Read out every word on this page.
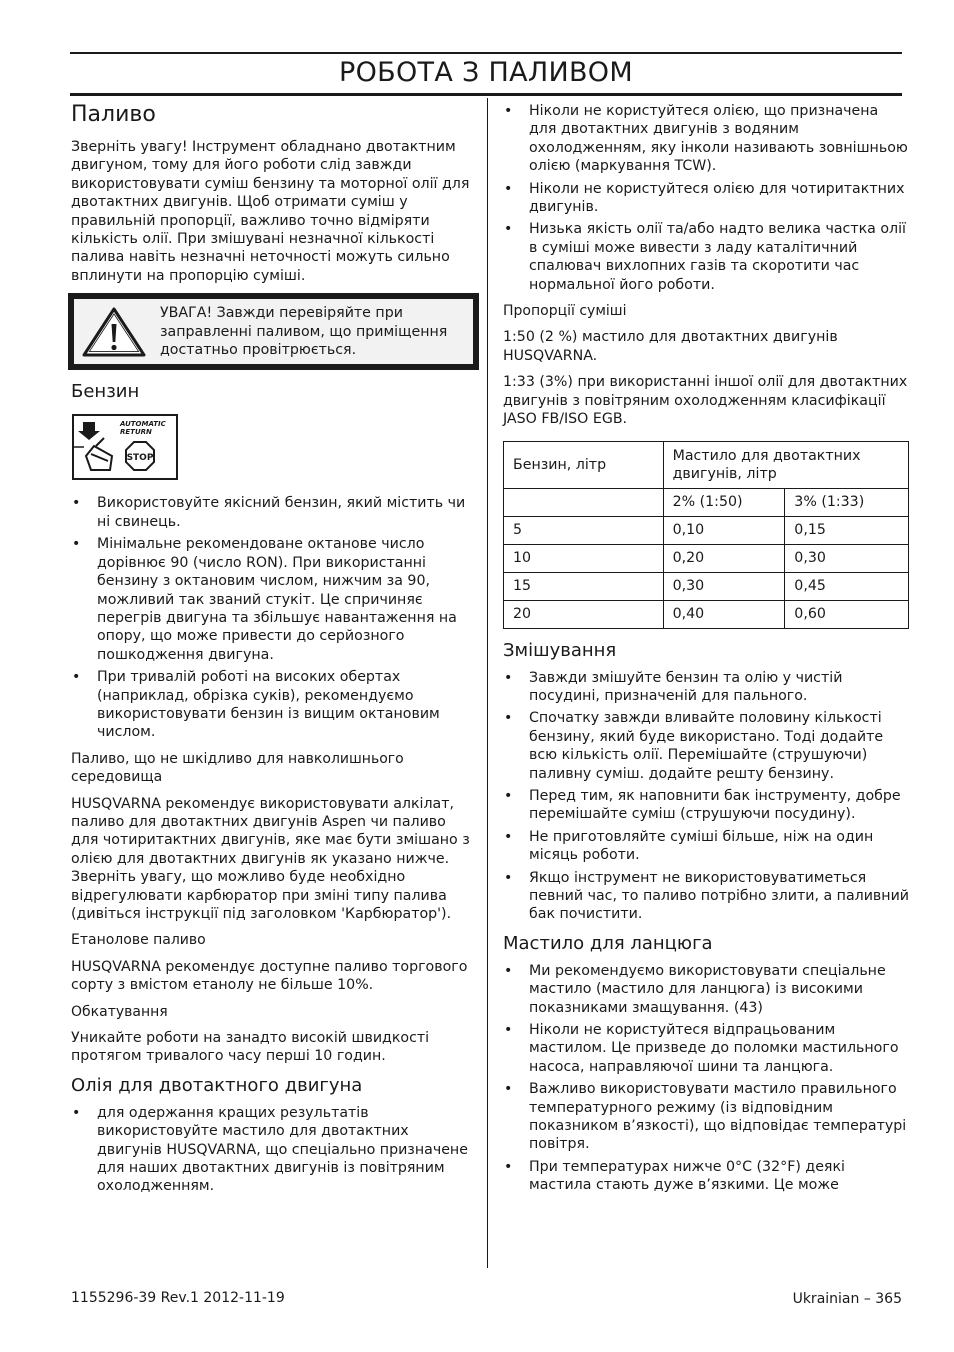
РОБОТА З ПАЛИВОМ
Паливо

Зверніть увагу! Інструмент обладнано двотактним двигуном, тому для його роботи слід завжди використовувати суміш бензину та моторної олії для двотактних двигунів. Щоб отримати суміш у правильній пропорції, важливо точно відміряти кількість олії. При змішувані незначної кількості палива навіть незначні неточності можуть сильно вплинути на пропорцію суміші.

УВАГА! Завжди перевіряйте при заправленні паливом, що приміщення достатньо провітрюється.
Бензин
AUTOMATIC
RETURN
STOP
• Використовуйте якісний бензин, який містить чи ні свинець.
• Мінімальне рекомендоване октанове число дорівнює 90 (число RON). При використанні бензину з октановим числом, нижчим за 90, можливий так званий стукіт. Це спричиняє перегрів двигуна та збільшує навантаження на опору, що може привести до серйозного пошкодження двигуна.
• При тривалій роботі на високих обертах (наприклад, обрізка суків), рекомендуємо використовувати бензин із вищим октановим числом.

Паливо, що не шкідливо для навколишнього середовища

HUSQVARNA рекомендує використовувати алкілат, паливо для двотактних двигунів Aspen чи паливо для чотиритактних двигунів, яке має бути змішано з олією для двотактних двигунів як указано нижче. Зверніть увагу, що можливо буде необхідно відрегулювати карбюратор при зміні типу палива (дивіться інструкції під заголовком 'Карбюратор').

Етанолове паливо

HUSQVARNA рекомендує доступне паливо торгового сорту з вмістом етанолу не більше 10%.

Обкатування

Уникайте роботи на занадто високій швидкості протягом тривалого часу перші 10 годин.

Олія для двотактного двигуна
• для одержання кращих результатів використовуйте мастило для двотактних двигунів HUSQVARNA, що спеціально призначене для наших двотактних двигунів із повітряним охолодженням.
• Ніколи не користуйтеся олією, що призначена для двотактних двигунів з водяним охолодженням, яку інколи називають зовнішньою олією (маркування TCW).
• Ніколи не користуйтеся олією для чотиритактних двигунів.
• Низька якість олії та/або надто велика частка олії в суміші може вивести з ладу каталітичний спалювач вихлопних газів та скоротити час нормальної його роботи.

Пропорції суміші

1:50 (2 %) мастило для двотактних двигунів HUSQVARNA.

1:33 (3%) при використанні іншої олії для двотактних двигунів з повітряним охолодженням класифікації JASO FB/ISO EGB.

Бензин, літр	Мастило для двотактних двигунів, літр	
	2% (1:50)	3% (1:33)
5	0,10	0,15
10	0,20	0,30
15	0,30	0,45
20	0,40	0,60
Змішування
• Завжди змішуйте бензин та олію у чистій посудині, призначеній для пального.
• Спочатку завжди вливайте половину кількості бензину, який буде використано. Тоді додайте всю кількість олії. Перемішайте (струшуючи) паливну суміш. додайте решту бензину.
• Перед тим, як наповнити бак інструменту, добре перемішайте суміш (струшуючи посудину).
• Не приготовляйте суміші більше, ніж на один місяць роботи.
• Якщо інструмент не використовуватиметься певний час, то паливо потрібно злити, а паливний бак почистити.
Мастило для ланцюга
• Ми рекомендуємо використовувати спеціальне мастило (мастило для ланцюга) із високими показниками змащування. (43)
• Ніколи не користуйтеся відпрацьованим мастилом. Це призведе до поломки мастильного насоса, направляючої шини та ланцюга.
• Важливо використовувати мастило правильного температурного режиму (із відповідним показником в’язкості), що відповідає температурі повітря.
• При температурах нижче 0°C (32°F) деякі мастила стають дуже в’язкими. Це може
1155296-39 Rev.1 2012-11-19	Ukrainian – 365
